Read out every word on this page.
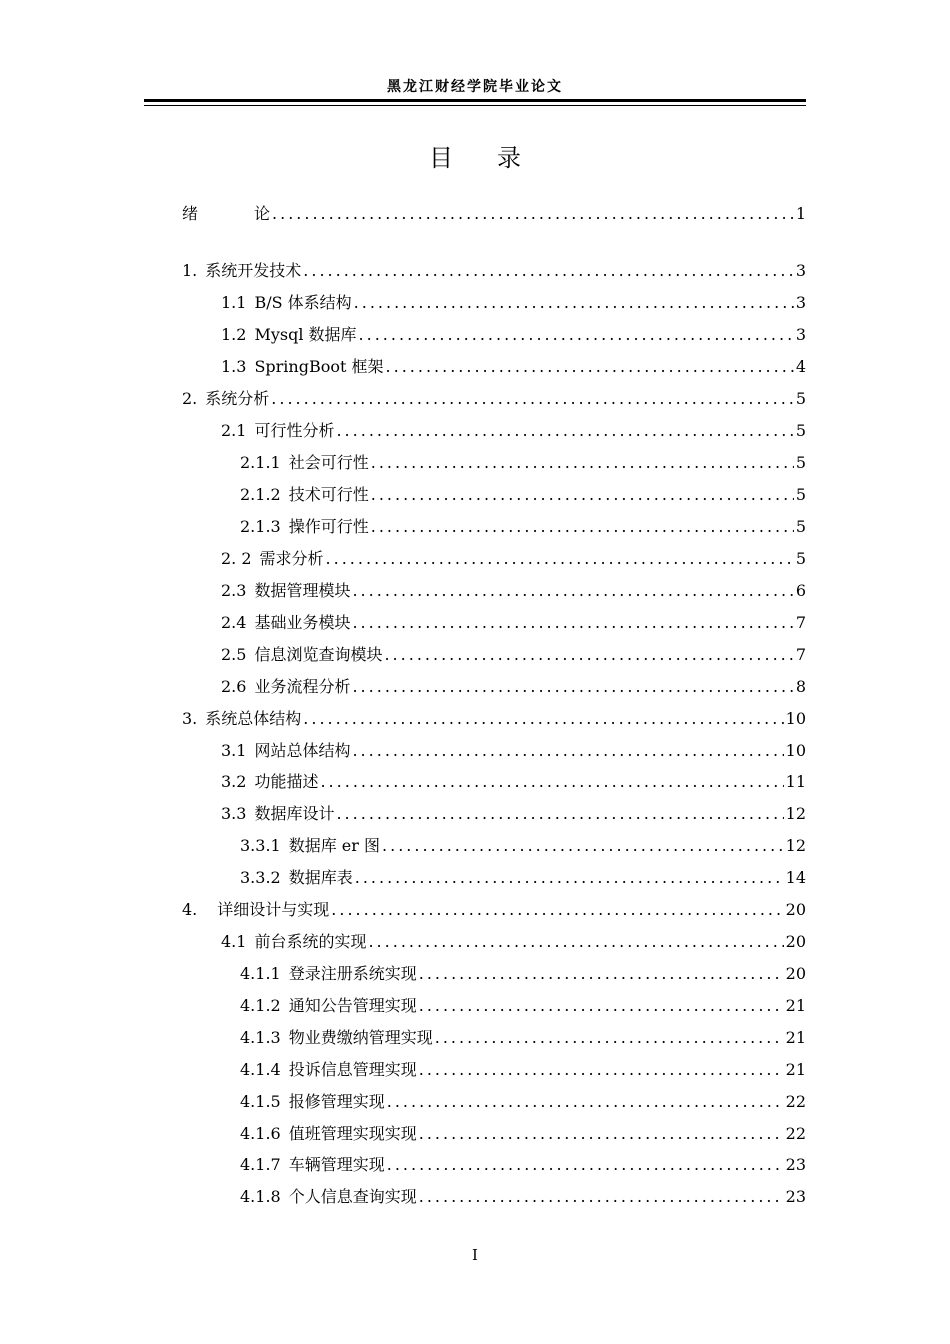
黑龙江财经学院毕业论文
目录
绪	论 .....	1
1. 系统开发技术 .....	3
1.1 B/S 体系结构 .....	3
1.2 Mysql 数据库 .....	3
1.3 SpringBoot 框架 .....	4
2. 系统分析 .....	5
2.1 可行性分析 .....	5
2.1.1 社会可行性 .....	5
2.1.2 技术可行性 .....	5
2.1.3 操作可行性 .....	5
2. 2 需求分析 .....	5
2.3 数据管理模块 .....	6
2.4 基础业务模块 .....	7
2.5 信息浏览查询模块 .....	7
2.6 业务流程分析 .....	8
3. 系统总体结构 .....	10
3.1 网站总体结构 .....	10
3.2 功能描述 .....	11
3.3 数据库设计 .....	12
3.3.1 数据库 er 图 .....	12
3.3.2 数据库表 .....	14
4. 详细设计与实现 .....	20
4.1 前台系统的实现 .....	20
4.1.1 登录注册系统实现 .....	20
4.1.2 通知公告管理实现 .....	21
4.1.3 物业费缴纳管理实现 .....	21
4.1.4 投诉信息管理实现 .....	21
4.1.5 报修管理实现 .....	22
4.1.6 值班管理实现实现 .....	22
4.1.7 车辆管理实现 .....	23
4.1.8 个人信息查询实现 .....	23
I
